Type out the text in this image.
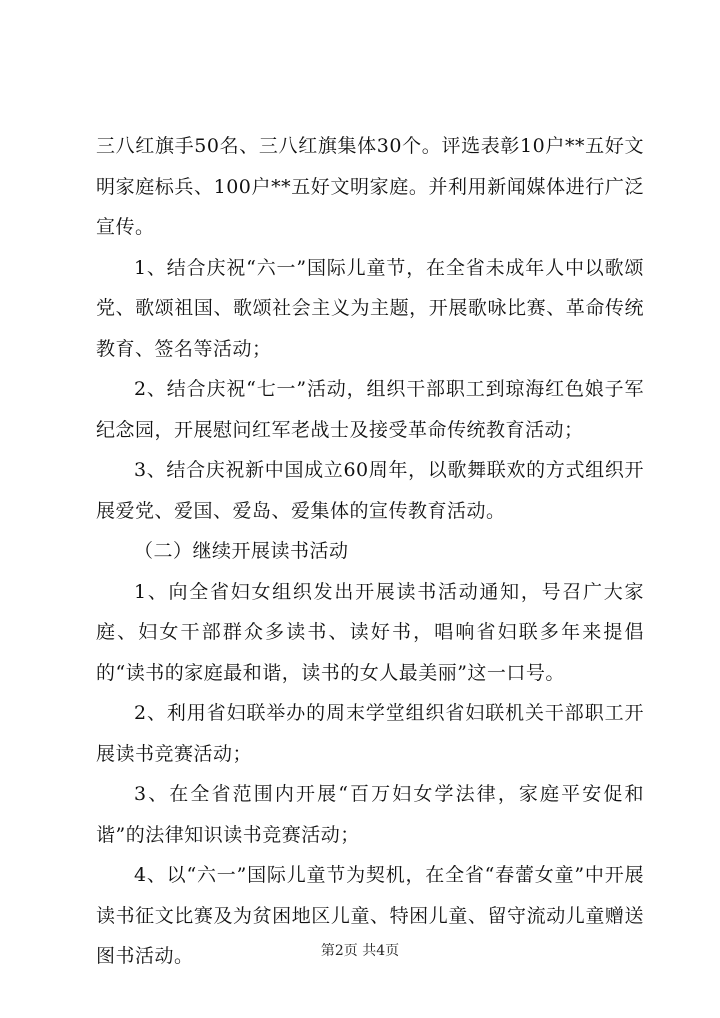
三八红旗手50名、三八红旗集体30个。评选表彰10户**五好文明家庭标兵、100户**五好文明家庭。并利用新闻媒体进行广泛宣传。

1、结合庆祝“六一”国际儿童节，在全省未成年人中以歌颂党、歌颂祖国、歌颂社会主义为主题，开展歌咏比赛、革命传统教育、签名等活动；

2、结合庆祝“七一”活动，组织干部职工到琼海红色娘子军纪念园，开展慰问红军老战士及接受革命传统教育活动；

3、结合庆祝新中国成立60周年，以歌舞联欢的方式组织开展爱党、爱国、爱岛、爱集体的宣传教育活动。

（二）继续开展读书活动

1、向全省妇女组织发出开展读书活动通知，号召广大家庭、妇女干部群众多读书、读好书，唱响省妇联多年来提倡的“读书的家庭最和谐，读书的女人最美丽”这一口号。

2、利用省妇联举办的周末学堂组织省妇联机关干部职工开展读书竞赛活动；

3、在全省范围内开展“百万妇女学法律，家庭平安促和谐”的法律知识读书竞赛活动；

4、以“六一”国际儿童节为契机，在全省“春蕾女童”中开展读书征文比赛及为贫困地区儿童、特困儿童、留守流动儿童赠送图书活动。	第2页 共4页
